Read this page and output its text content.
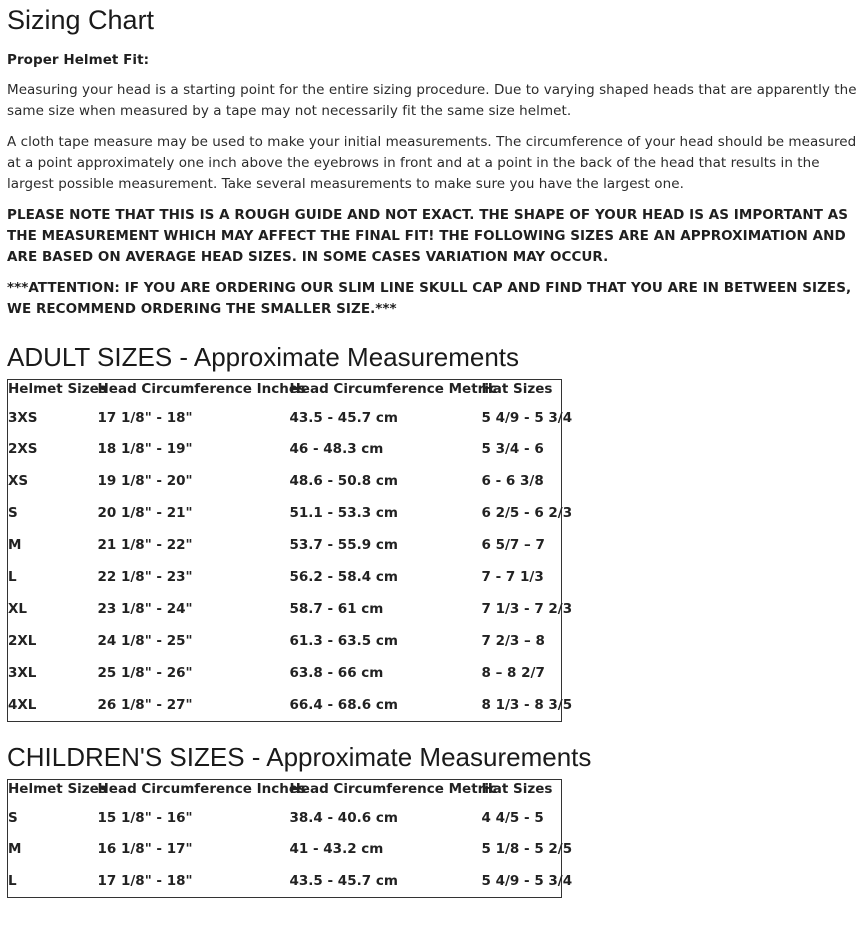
Sizing Chart

Proper Helmet Fit:

Measuring your head is a starting point for the entire sizing procedure. Due to varying shaped heads that are apparently the same size when measured by a tape may not necessarily fit the same size helmet.

A cloth tape measure may be used to make your initial measurements. The circumference of your head should be measured at a point approximately one inch above the eyebrows in front and at a point in the back of the head that results in the largest possible measurement. Take several measurements to make sure you have the largest one.

PLEASE NOTE THAT THIS IS A ROUGH GUIDE AND NOT EXACT. THE SHAPE OF YOUR HEAD IS AS IMPORTANT AS THE MEASUREMENT WHICH MAY AFFECT THE FINAL FIT! THE FOLLOWING SIZES ARE AN APPROXIMATION AND ARE BASED ON AVERAGE HEAD SIZES. IN SOME CASES VARIATION MAY OCCUR.

***ATTENTION: IF YOU ARE ORDERING OUR SLIM LINE SKULL CAP AND FIND THAT YOU ARE IN BETWEEN SIZES, WE RECOMMEND ORDERING THE SMALLER SIZE.***

ADULT SIZES - Approximate Measurements
Helmet Sizes	Head Circumference Inches	Head Circumference Metric	Hat Sizes
3XS	17 1/8" - 18"	43.5 - 45.7 cm	5 4/9 - 5 3/4
2XS	18 1/8" - 19"	46 - 48.3 cm	5 3/4 - 6
XS	19 1/8" - 20"	48.6 - 50.8 cm	6 - 6 3/8
S	20 1/8" - 21"	51.1 - 53.3 cm	6 2/5 - 6 2/3
M	21 1/8" - 22"	53.7 - 55.9 cm	6 5/7 – 7
L	22 1/8" - 23"	56.2 - 58.4 cm	7 - 7 1/3
XL	23 1/8" - 24"	58.7 - 61 cm	7 1/3 - 7 2/3
2XL	24 1/8" - 25"	61.3 - 63.5 cm	7 2/3 – 8
3XL	25 1/8" - 26"	63.8 - 66 cm	8 – 8 2/7
4XL	26 1/8" - 27"	66.4 - 68.6 cm	8 1/3 - 8 3/5
CHILDREN'S SIZES - Approximate Measurements
Helmet Sizes	Head Circumference Inches	Head Circumference Metric	Hat Sizes
S	15 1/8" - 16"	38.4 - 40.6 cm	4 4/5 - 5
M	16 1/8" - 17"	41 - 43.2 cm	5 1/8 - 5 2/5
L	17 1/8" - 18"	43.5 - 45.7 cm	5 4/9 - 5 3/4
